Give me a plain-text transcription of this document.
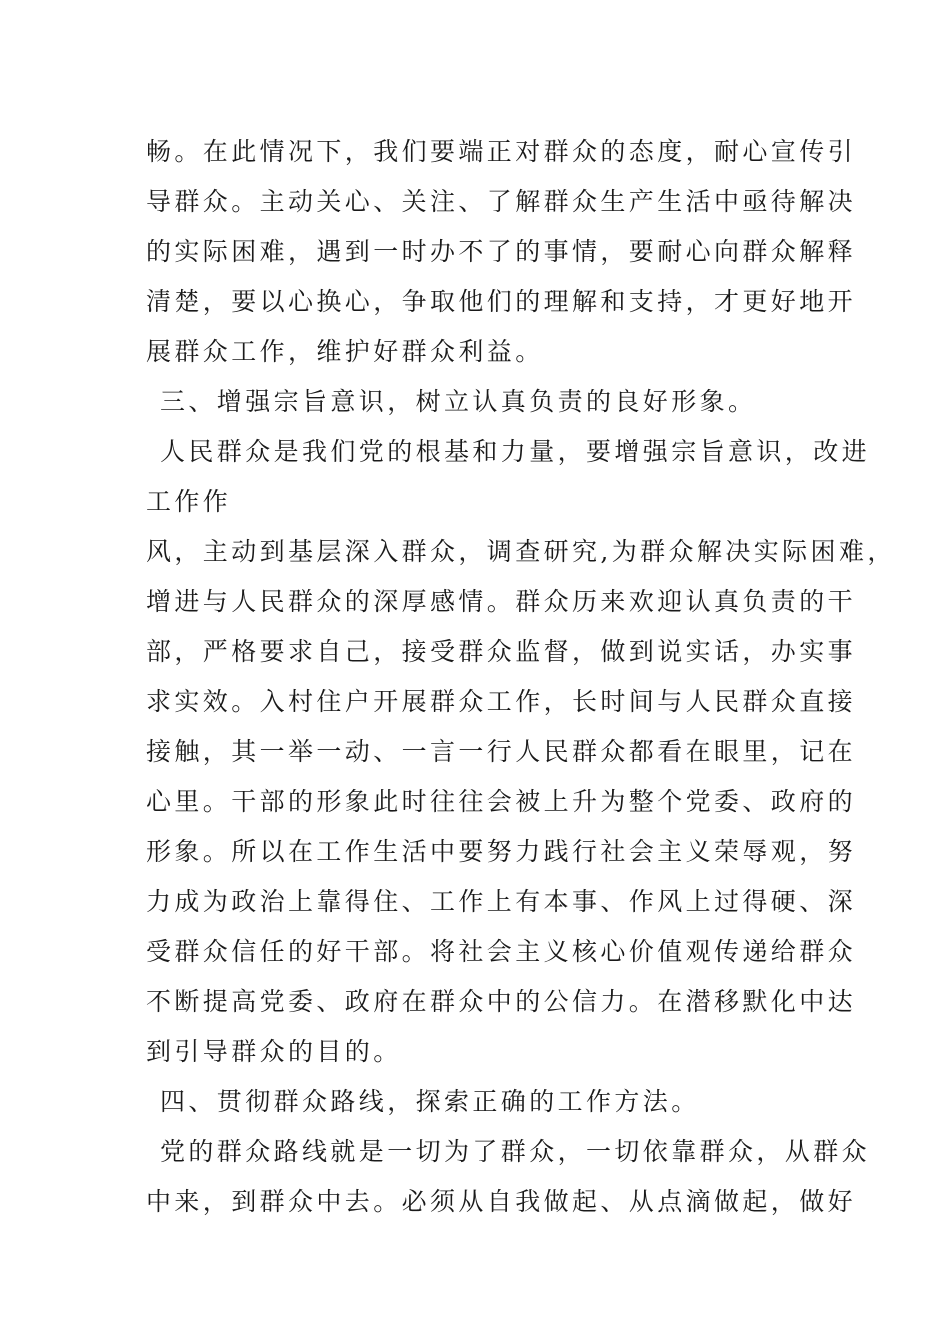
畅。在此情况下，我们要端正对群众的态度，耐心宣传引
导群众。主动关心、关注、了解群众生产生活中亟待解决
的实际困难，遇到一时办不了的事情，要耐心向群众解释
清楚，要以心换心，争取他们的理解和支持，才更好地开
展群众工作，维护好群众利益。
三、增强宗旨意识，树立认真负责的良好形象。
人民群众是我们党的根基和力量，要增强宗旨意识，改进
工作作
风，主动到基层深入群众，调查研究,为群众解决实际困难，
增进与人民群众的深厚感情。群众历来欢迎认真负责的干
部，严格要求自己，接受群众监督，做到说实话，办实事
求实效。入村住户开展群众工作，长时间与人民群众直接
接触，其一举一动、一言一行人民群众都看在眼里，记在
心里。干部的形象此时往往会被上升为整个党委、政府的
形象。所以在工作生活中要努力践行社会主义荣辱观，努
力成为政治上靠得住、工作上有本事、作风上过得硬、深
受群众信任的好干部。将社会主义核心价值观传递给群众
不断提高党委、政府在群众中的公信力。在潜移默化中达
到引导群众的目的。
四、贯彻群众路线，探索正确的工作方法。
党的群众路线就是一切为了群众，一切依靠群众，从群众
中来，到群众中去。必须从自我做起、从点滴做起，做好
